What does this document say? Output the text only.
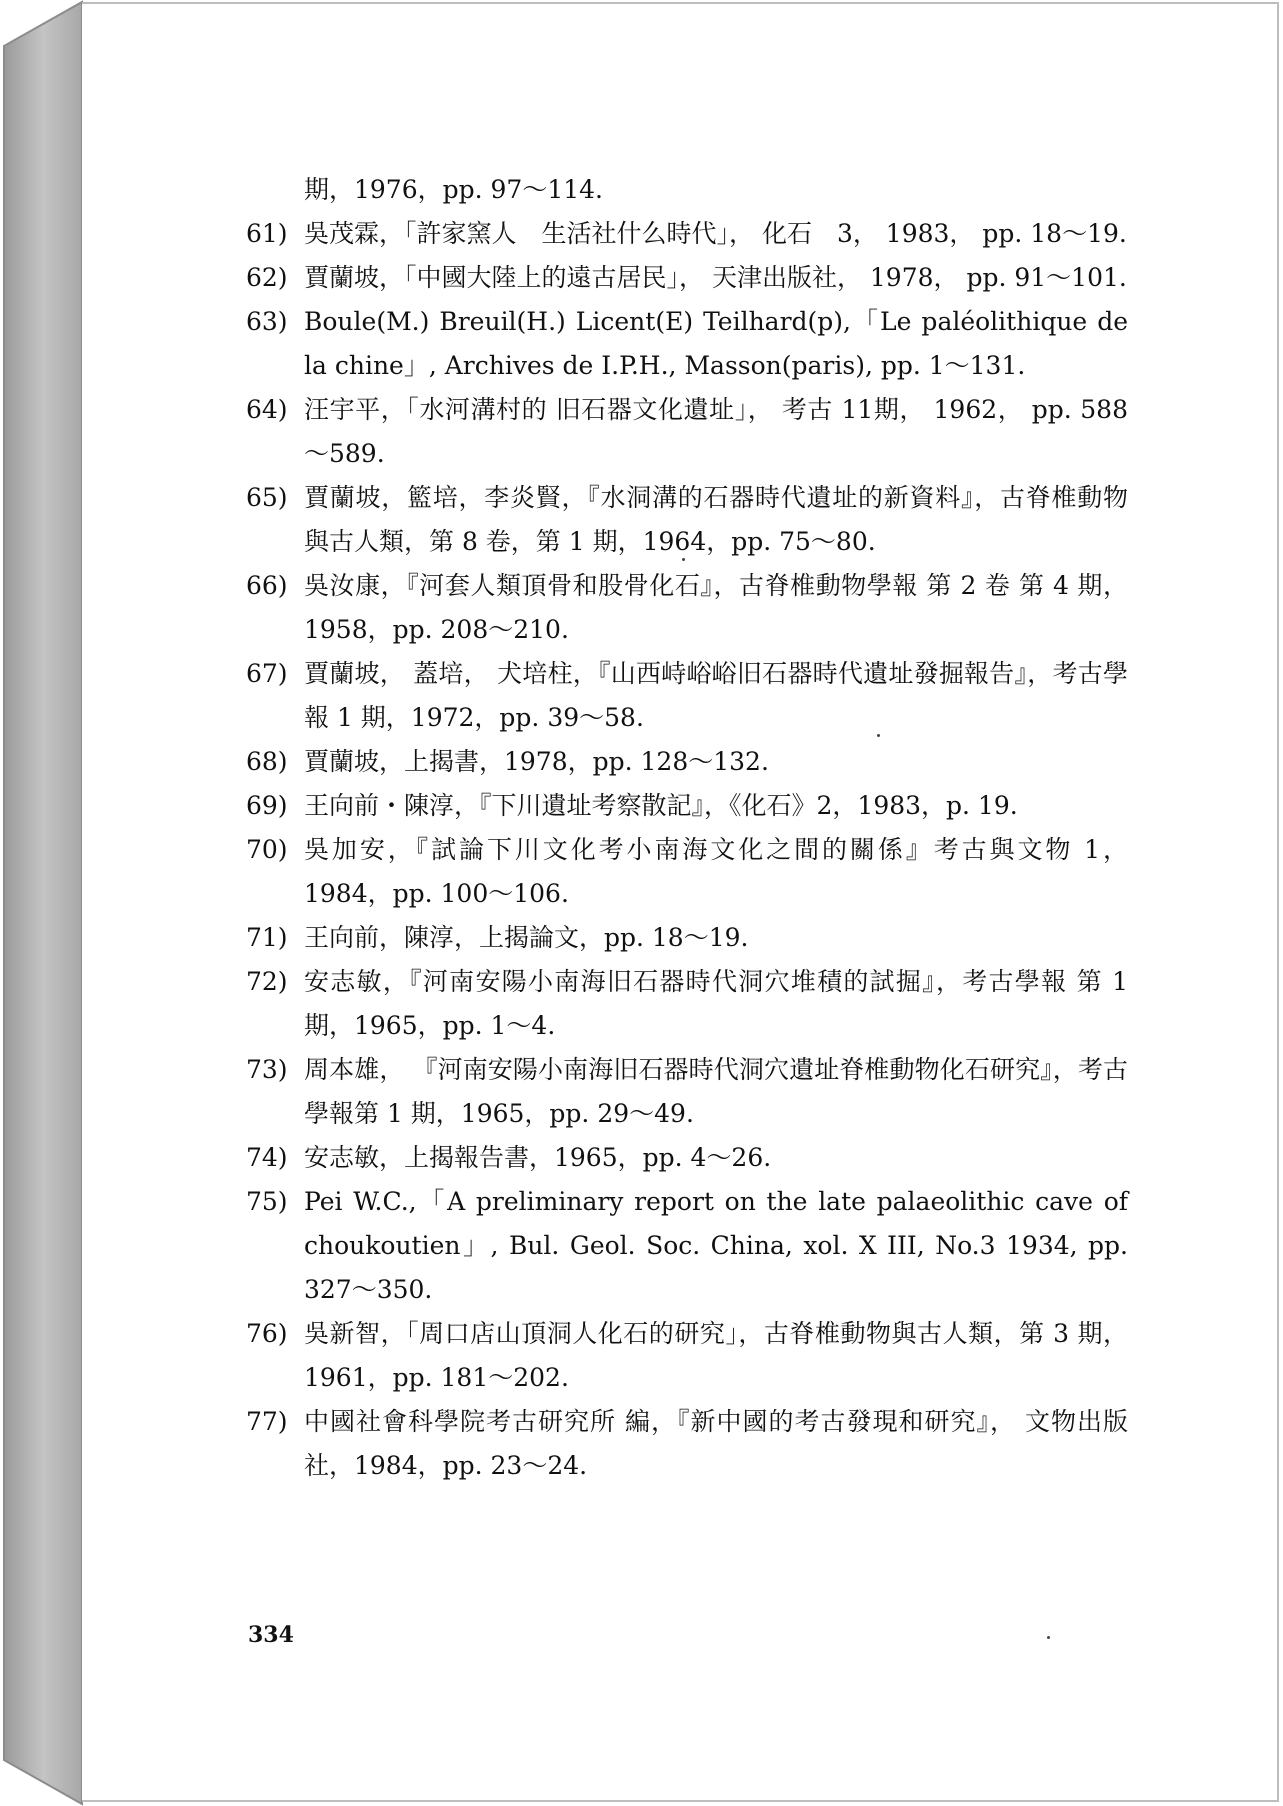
期，1976，pp. 97～114.
61) 吳茂霖，「許家窯人　生活社什么時代」， 化石　3， 1983， pp. 18～19.
62) 賈蘭坡，「中國大陸上的遠古居民」， 天津出版社， 1978， pp. 91～101.
63) Boule(M.) Breuil(H.) Licent(E) Teilhard(p),「Le paléolithique de la chine」, Archives de I.P.H., Masson(paris), pp. 1～131.
64) 汪宇平，「水河溝村的 旧石器文化遺址」， 考古 11期， 1962， pp. 588～589.
65) 賈蘭坡，籃培，李炎賢，『水洞溝的石器時代遺址的新資料』，古脊椎動物與古人類，第 8 卷，第 1 期，1964，pp. 75～80.
66) 吳汝康，『河套人類頂骨和股骨化石』，古脊椎動物學報 第 2 卷 第 4 期，1958，pp. 208～210.
67) 賈蘭坡， 蓋培， 犬培柱，『山西峙峪峪旧石器時代遺址發掘報告』，考古學報 1 期，1972，pp. 39～58.
68) 賈蘭坡，上揭書，1978，pp. 128～132.
69) 王向前・陳淳，『下川遺址考察散記』，《化石》2，1983，p. 19.
70) 吳加安，『試論下川文化考小南海文化之間的關係』考古與文物 1，1984，pp. 100～106.
71) 王向前，陳淳，上揭論文，pp. 18～19.
72) 安志敏，『河南安陽小南海旧石器時代洞穴堆積的試掘』，考古學報 第 1 期，1965，pp. 1～4.
73) 周本雄， 『河南安陽小南海旧石器時代洞穴遺址脊椎動物化石研究』，考古學報第 1 期，1965，pp. 29～49.
74) 安志敏，上揭報告書，1965，pp. 4～26.
75) Pei W.C.,「A preliminary report on the late palaeolithic cave of choukoutien」, Bul. Geol. Soc. China, xol. X III, No.3 1934, pp. 327～350.
76) 吳新智，「周口店山頂洞人化石的研究」，古脊椎動物與古人類，第 3 期，1961，pp. 181～202.
77) 中國社會科學院考古研究所 編，『新中國的考古發現和研究』， 文物出版社，1984，pp. 23～24.
334
